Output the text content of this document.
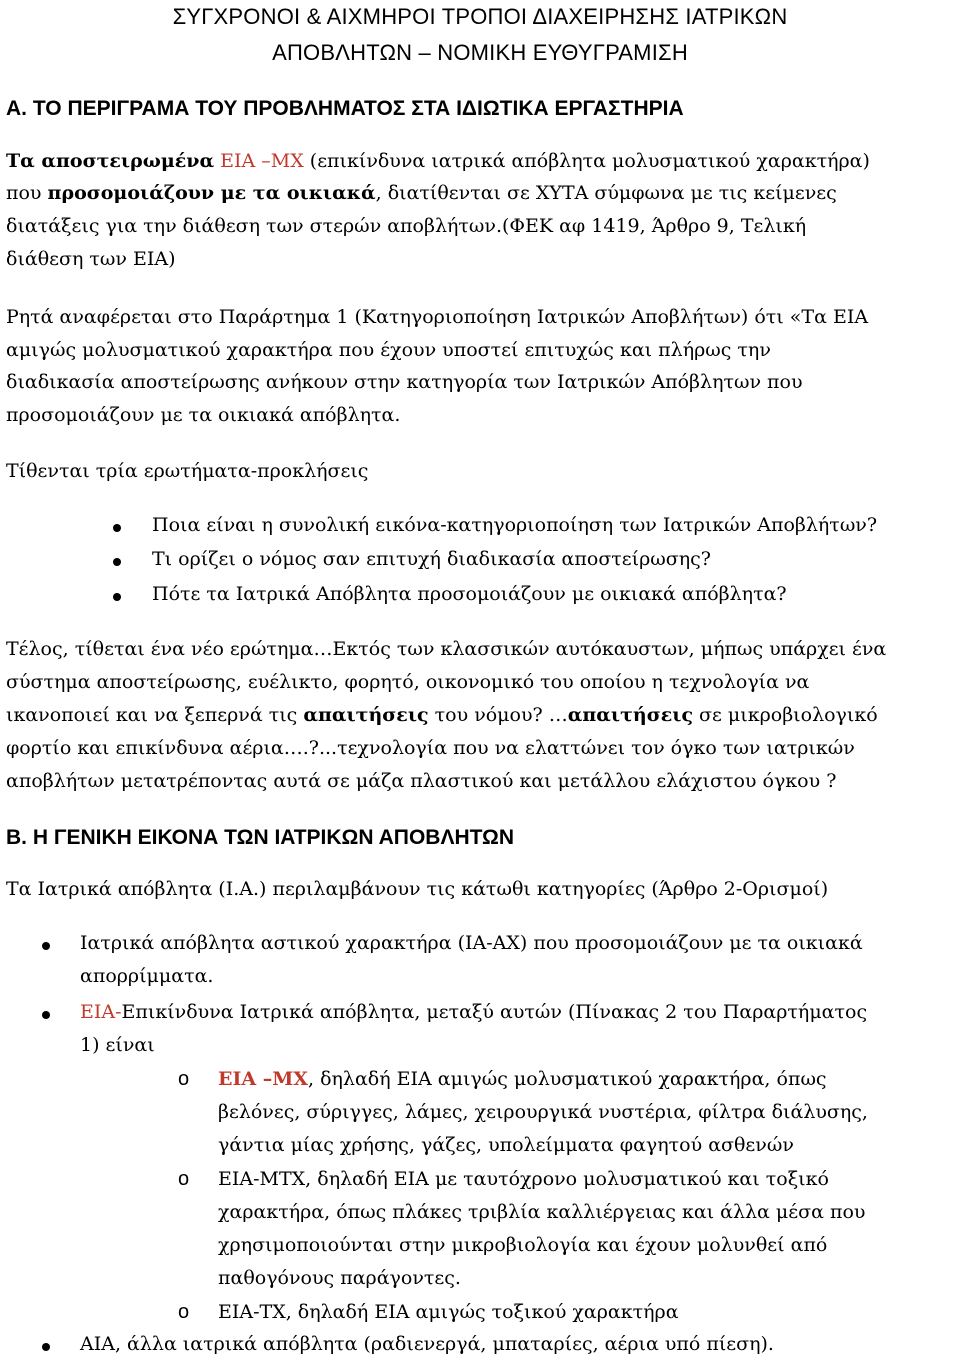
ΣΥΓΧΡΟΝΟΙ & ΑΙΧΜΗΡΟΙ ΤΡΟΠΟΙ ΔΙΑΧΕΙΡΗΣΗΣ ΙΑΤΡΙΚΩΝ
ΑΠΟΒΛΗΤΩΝ – ΝΟΜΙΚΗ ΕΥΘΥΓΡΑΜΙΣΗ
Α. ΤΟ ΠΕΡΙΓΡΑΜΑ ΤΟΥ ΠΡΟΒΛΗΜΑΤΟΣ ΣΤΑ ΙΔΙΩΤΙΚΑ ΕΡΓΑΣΤΗΡΙΑ
Τα αποστειρωμένα ΕΙΑ –ΜΧ (επικίνδυνα ιατρικά απόβλητα μολυσματικού χαρακτήρα)
που προσομοιάζουν με τα οικιακά, διατίθενται σε ΧΥΤΑ σύμφωνα με τις κείμενες
διατάξεις για την διάθεση των στερών αποβλήτων.(ΦΕΚ αφ 1419, Άρθρο 9, Τελική
διάθεση των ΕΙΑ)
Ρητά αναφέρεται στο Παράρτημα 1 (Κατηγοριοποίηση Ιατρικών Αποβλήτων) ότι «Τα ΕΙΑ
αμιγώς μολυσματικού χαρακτήρα που έχουν υποστεί επιτυχώς και πλήρως την
διαδικασία αποστείρωσης ανήκουν στην κατηγορία των Ιατρικών Απόβλητων που
προσομοιάζουν με τα οικιακά απόβλητα.
Τίθενται τρία ερωτήματα-προκλήσεις
Ποια είναι η συνολική εικόνα-κατηγοριοποίηση των Ιατρικών Αποβλήτων?
Τι ορίζει ο νόμος σαν επιτυχή διαδικασία αποστείρωσης?
Πότε τα Ιατρικά Απόβλητα προσομοιάζουν με οικιακά απόβλητα?
Τέλος, τίθεται ένα νέο ερώτημα…Εκτός των κλασσικών αυτόκαυστων, μήπως υπάρχει ένα
σύστημα αποστείρωσης, ευέλικτο, φορητό, οικονομικό του οποίου η τεχνολογία να
ικανοποιεί και να ξεπερνά τις απαιτήσεις του νόμου? …απαιτήσεις σε μικροβιολογικό
φορτίο και επικίνδυνα αέρια….?...τεχνολογία που να ελαττώνει τον όγκο των ιατρικών
αποβλήτων μετατρέποντας αυτά σε μάζα πλαστικού και μετάλλου ελάχιστου όγκου ?
Β. Η ΓΕΝΙΚΗ ΕΙΚΟΝΑ ΤΩΝ ΙΑΤΡΙΚΩΝ ΑΠΟΒΛΗΤΩΝ
Τα Ιατρικά απόβλητα (Ι.Α.) περιλαμβάνουν τις κάτωθι κατηγορίες (Άρθρο 2-Ορισμοί)
Ιατρικά απόβλητα αστικού χαρακτήρα (ΙΑ-ΑΧ) που προσομοιάζουν με τα οικιακά
απορρίμματα.
ΕΙΑ-Επικίνδυνα Ιατρικά απόβλητα, μεταξύ αυτών (Πίνακας 2 του Παραρτήματος
1) είναι
o ΕΙΑ –ΜΧ, δηλαδή ΕΙΑ αμιγώς μολυσματικού χαρακτήρα, όπως
βελόνες, σύριγγες, λάμες, χειρουργικά νυστέρια, φίλτρα διάλυσης,
γάντια μίας χρήσης, γάζες, υπολείμματα φαγητού ασθενών
o ΕΙΑ-ΜΤΧ, δηλαδή ΕΙΑ με ταυτόχρονο μολυσματικού και τοξικό
χαρακτήρα, όπως πλάκες τριβλία καλλιέργειας και άλλα μέσα που
χρησιμοποιούνται στην μικροβιολογία και έχουν μολυνθεί από
παθογόνους παράγοντες.
o ΕΙΑ-ΤΧ, δηλαδή ΕΙΑ αμιγώς τοξικού χαρακτήρα
ΑΙΑ, άλλα ιατρικά απόβλητα (ραδιενεργά, μπαταρίες, αέρια υπό πίεση).
